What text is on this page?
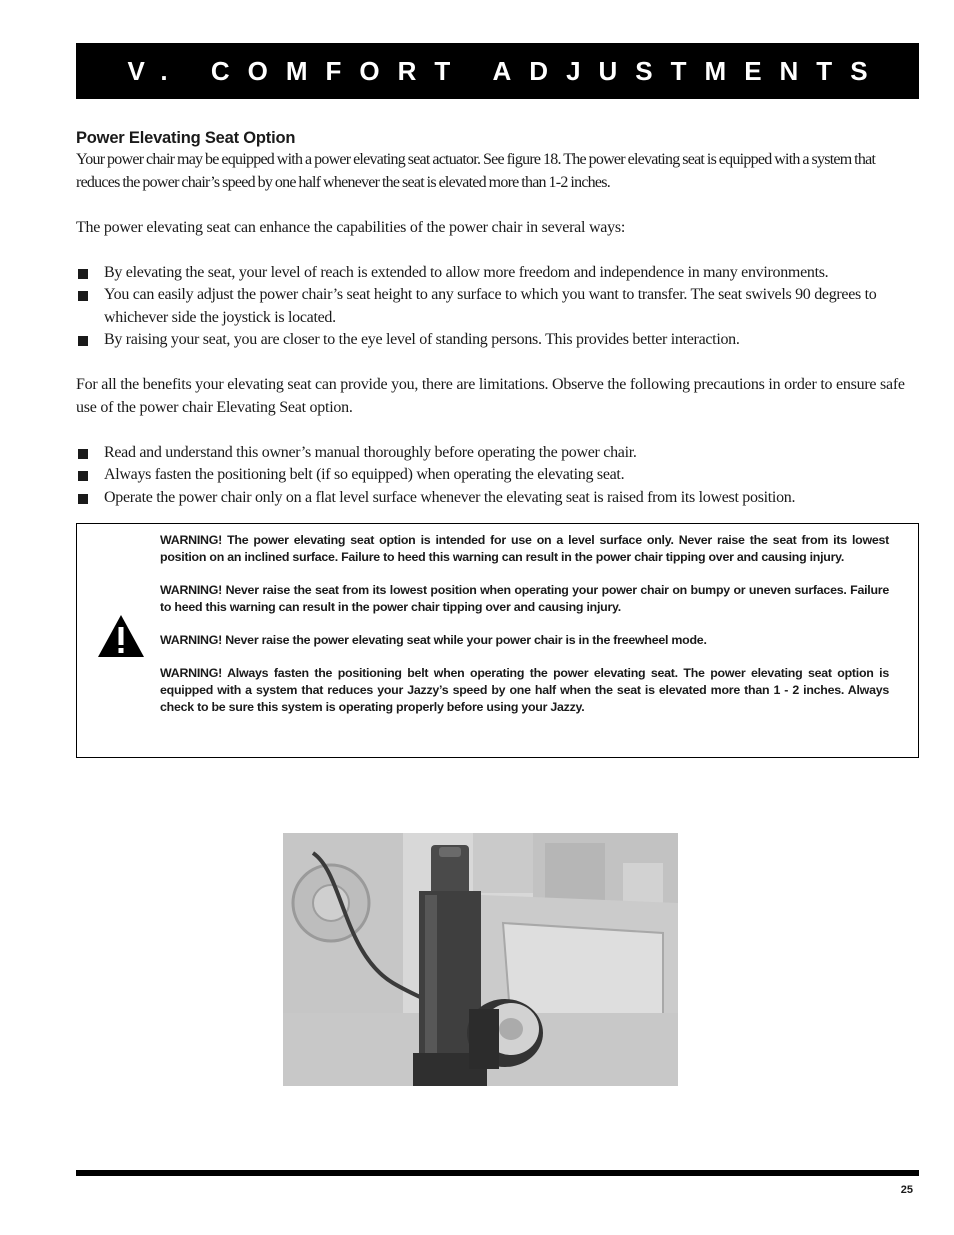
V. COMFORT ADJUSTMENTS
Power Elevating Seat Option

Your power chair may be equipped with a power elevating seat actuator. See figure 18. The power elevating seat is equipped with a system that reduces the power chair’s speed by one half whenever the seat is elevated more than 1-2 inches.

The power elevating seat can enhance the capabilities of the power chair in several ways:

By elevating the seat, your level of reach is extended to allow more freedom and independence in many environments.
You can easily adjust the power chair’s seat height to any surface to which you want to transfer. The seat swivels 90 degrees to whichever side the joystick is located.
By raising your seat, you are closer to the eye level of standing persons. This provides better interaction.

For all the benefits your elevating seat can provide you, there are limitations. Observe the following precautions in order to ensure safe use of the power chair Elevating Seat option.

Read and understand this owner’s manual thoroughly before operating the power chair.
Always fasten the positioning belt (if so equipped) when operating the elevating seat.
Operate the power chair only on a flat level surface whenever the elevating seat is raised from its lowest position.

WARNING! The power elevating seat option is intended for use on a level surface only. Never raise the seat from its lowest position on an inclined surface. Failure to heed this warning can result in the power chair tipping over and causing injury.

WARNING! Never raise the seat from its lowest position when operating your power chair on bumpy or uneven surfaces. Failure to heed this warning can result in the power chair tipping over and causing injury.

WARNING! Never raise the power elevating seat while your power chair is in the freewheel mode.

WARNING! Always fasten the positioning belt when operating the power elevating seat. The power elevating seat option is equipped with a system that reduces your Jazzy’s speed by one half when the seat is elevated more than 1 - 2 inches. Always check to be sure this system is operating properly before using your Jazzy.

25
